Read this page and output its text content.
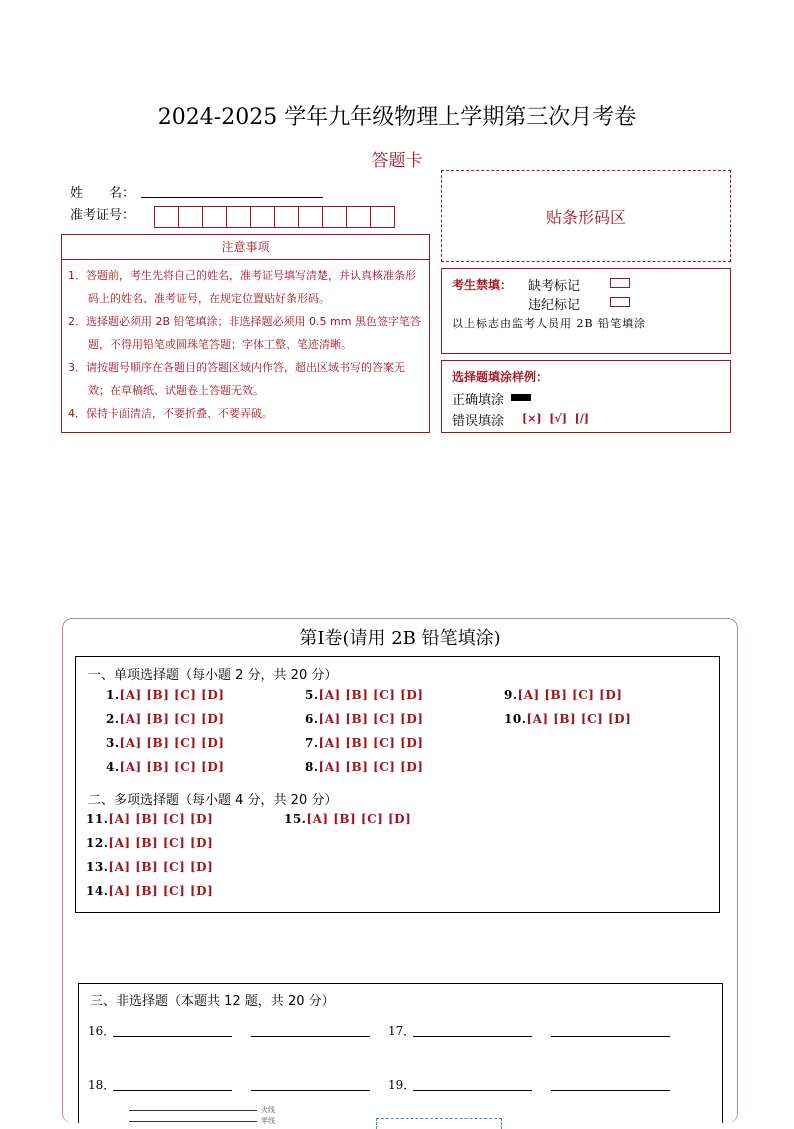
2024-2025 学年九年级物理上学期第三次月考卷
答题卡
姓　　名：
准考证号：	贴条形码区
注意事项
1．答题前，考生先将自己的姓名，准考证号填写清楚，并认真核准条形码上的姓名、准考证号，在规定位置贴好条形码。
2．选择题必须用 2B 铅笔填涂；非选择题必须用 0.5 mm 黑色签字笔答题，不得用铅笔或圆珠笔答题；字体工整、笔迹清晰。
3．请按题号顺序在各题目的答题区域内作答，超出区域书写的答案无效；在草稿纸、试题卷上答题无效。
4．保持卡面清洁，不要折叠、不要弄破。
考生禁填： 缺考标记
违纪标记
以上标志由监考人员用 2B 铅笔填涂
选择题填涂样例：
正确填涂
错误填涂 [×]  [√]  [/]
第Ⅰ卷(请用 2B 铅笔填涂)
一、单项选择题（每小题 2 分，共 20 分）
1.[A] [B] [C] [D]
2.[A] [B] [C] [D]
3.[A] [B] [C] [D]
4.[A] [B] [C] [D]
5.[A] [B] [C] [D]
6.[A] [B] [C] [D]
7.[A] [B] [C] [D]
8.[A] [B] [C] [D]
9.[A] [B] [C] [D]
10.[A] [B] [C] [D]
二、多项选择题（每小题 4 分，共 20 分）
11.[A] [B] [C] [D]
12.[A] [B] [C] [D]
13.[A] [B] [C] [D]
14.[A] [B] [C] [D]
15.[A] [B] [C] [D]
三、非选择题（本题共 12 题，共 20 分）
16．	17．
18．	19．
火线
零线
